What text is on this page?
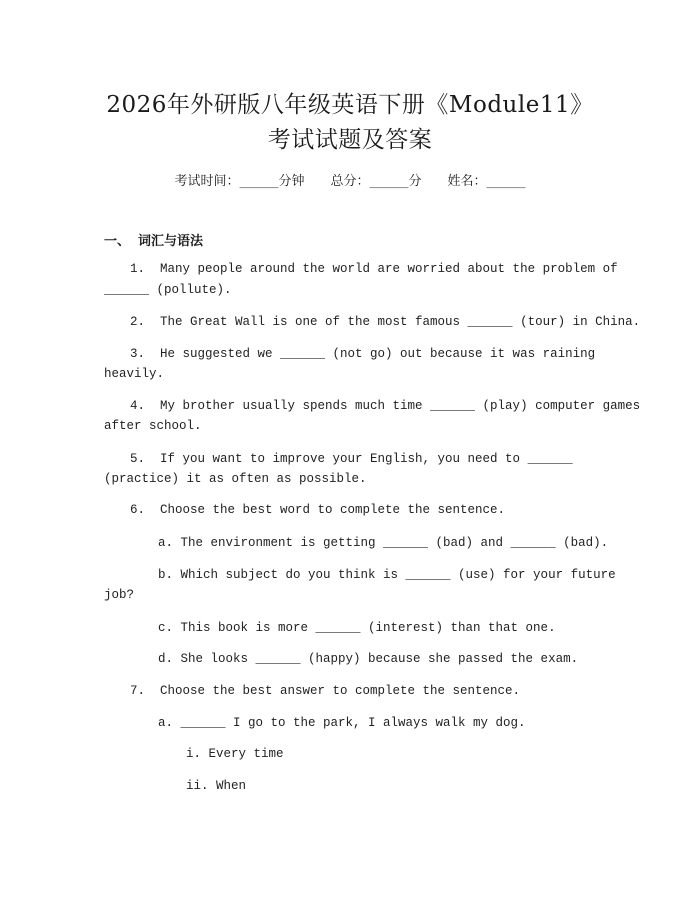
2026年外研版八年级英语下册《Module11》
考试试题及答案
考试时间：______分钟 总分：______分 姓名：______
一、 词汇与语法
1.  Many people around the world are worried about the problem of
______ (pollute).
2.  The Great Wall is one of the most famous ______ (tour) in China.
3.  He suggested we ______ (not go) out because it was raining
heavily.
4.  My brother usually spends much time ______ (play) computer games
after school.
5.  If you want to improve your English, you need to ______
(practice) it as often as possible.
6.  Choose the best word to complete the sentence.
a. The environment is getting ______ (bad) and ______ (bad).
b. Which subject do you think is ______ (use) for your future
job?
c. This book is more ______ (interest) than that one.
d. She looks ______ (happy) because she passed the exam.
7.  Choose the best answer to complete the sentence.
a. ______ I go to the park, I always walk my dog.
i. Every time
ii. When
